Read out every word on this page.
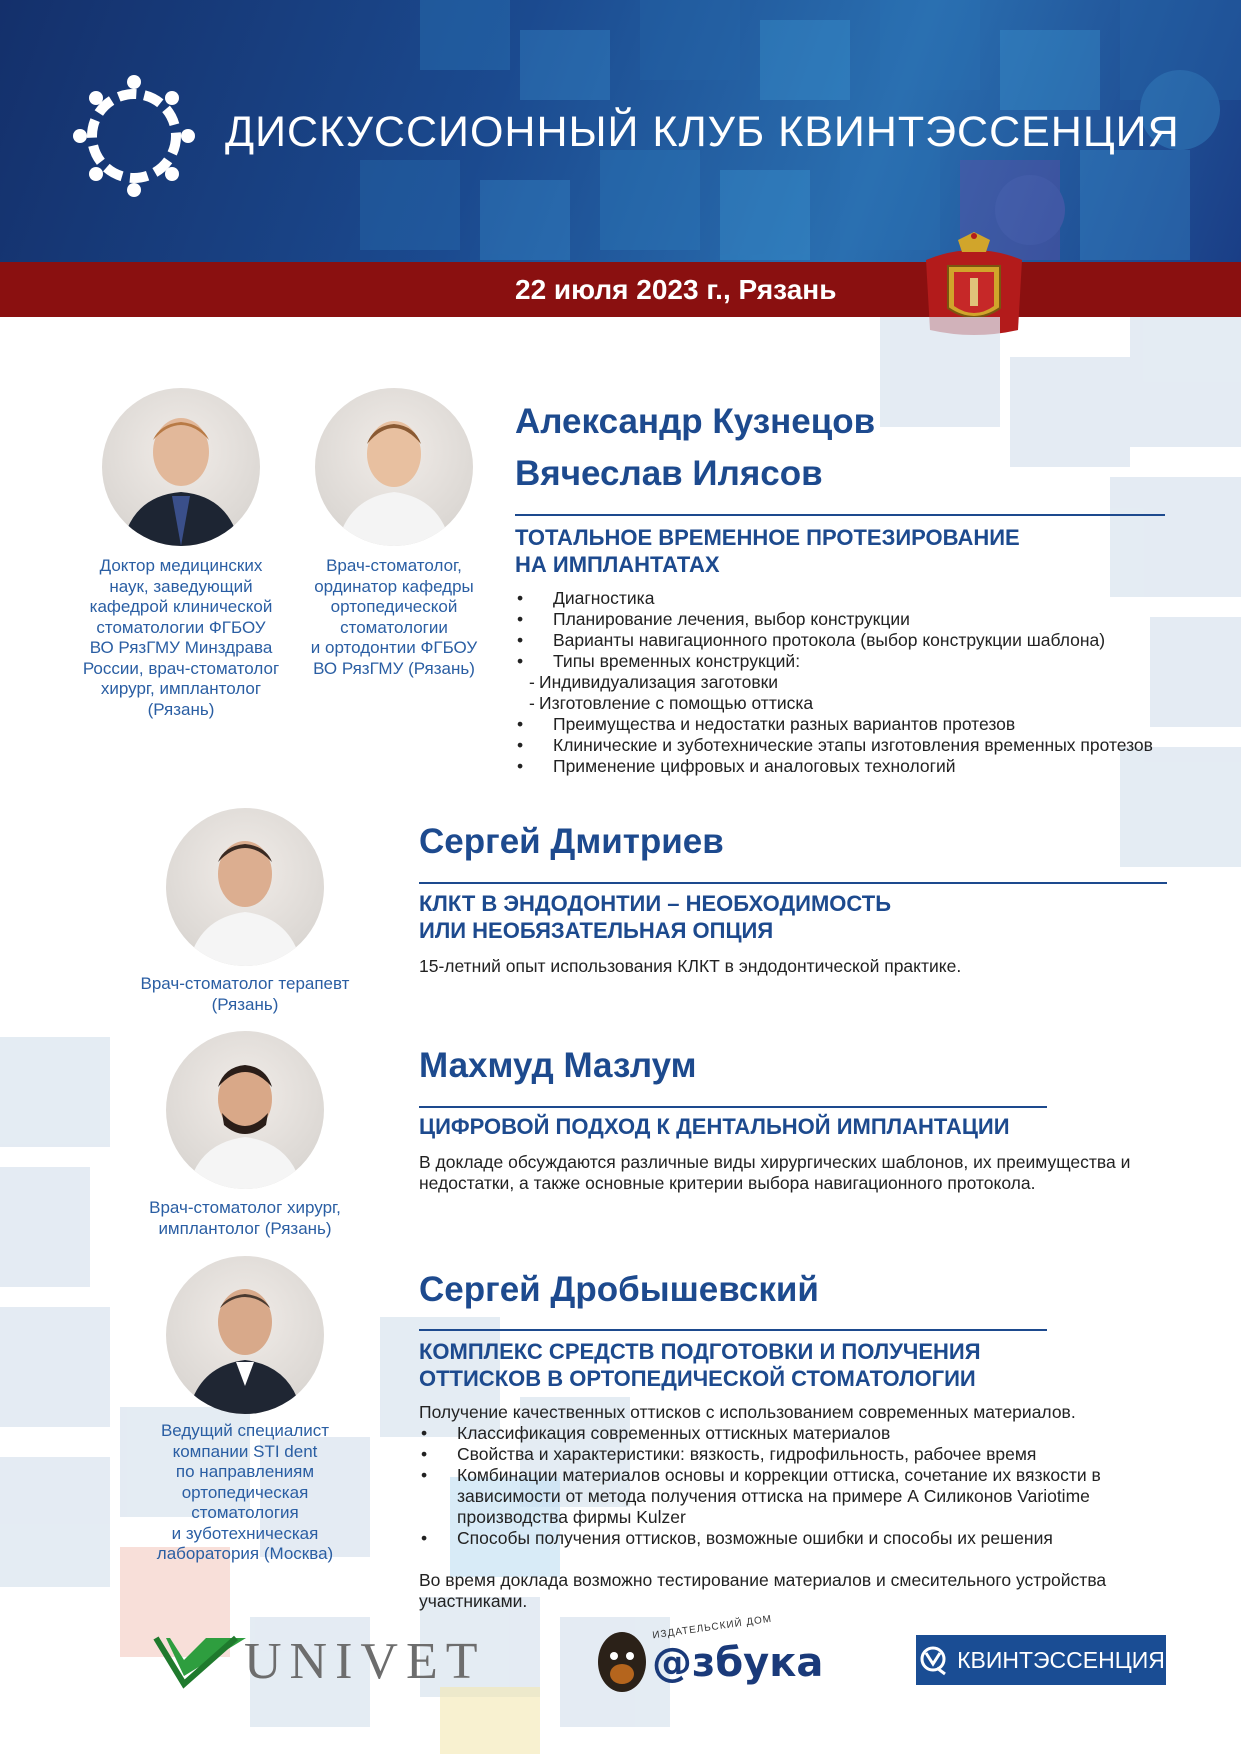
ДИСКУССИОННЫЙ КЛУБ КВИНТЭССЕНЦИЯ
22 июля 2023 г., Рязань
Доктор медицинских
наук, заведующий
кафедрой клинической
стоматологии ФГБОУ
ВО РязГМУ Минздрава
России, врач-стоматолог
хирург, имплантолог
(Рязань)
Врач-стоматолог,
ординатор кафедры
ортопедической
стоматологии
и ортодонтии ФГБОУ
ВО РязГМУ (Рязань)
Александр Кузнецов
Вячеслав Илясов
ТОТАЛЬНОЕ ВРЕМЕННОЕ ПРОТЕЗИРОВАНИЕ
НА ИМПЛАНТАТАХ
• Диагностика
• Планирование лечения, выбор конструкции
• Варианты навигационного протокола (выбор конструкции шаблона)
• Типы временных конструкций:
- Индивидуализация заготовки
- Изготовление с помощью оттиска
• Преимущества и недостатки разных вариантов протезов
• Клинические и зуботехнические этапы изготовления временных протезов
• Применение цифровых и аналоговых технологий
Врач-стоматолог терапевт
(Рязань)
Сергей Дмитриев
КЛКТ В ЭНДОДОНТИИ – НЕОБХОДИМОСТЬ
ИЛИ НЕОБЯЗАТЕЛЬНАЯ ОПЦИЯ
15-летний опыт использования КЛКТ в эндодонтической практике.
Врач-стоматолог хирург,
имплантолог (Рязань)
Махмуд Мазлум
ЦИФРОВОЙ ПОДХОД К ДЕНТАЛЬНОЙ ИМПЛАНТАЦИИ
В докладе обсуждаются различные виды хирургических шаблонов, их преимущества и недостатки, а также основные критерии выбора навигационного протокола.
Ведущий специалист
компании STI dent
по направлениям
ортопедическая
стоматология
и зуботехническая
лаборатория (Москва)
Сергей Дробышевский
КОМПЛЕКС СРЕДСТВ ПОДГОТОВКИ И ПОЛУЧЕНИЯ
ОТТИСКОВ В ОРТОПЕДИЧЕСКОЙ СТОМАТОЛОГИИ
Получение качественных оттисков с использованием современных материалов.
• Классификация современных оттискных материалов
• Свойства и характеристики: вязкость, гидрофильность, рабочее время
• Комбинации материалов основы и коррекции оттиска, сочетание их вязкости в зависимости от метода получения оттиска на примере А Силиконов Variotime производства фирмы Kulzer
• Способы получения оттисков, возможные ошибки и способы их решения
Во время доклада возможно тестирование материалов и смесительного устройства участниками.
UNIVET
ИЗДАТЕЛЬСКИЙ ДОМ
@збука	КВИНТЭССЕНЦИЯ
